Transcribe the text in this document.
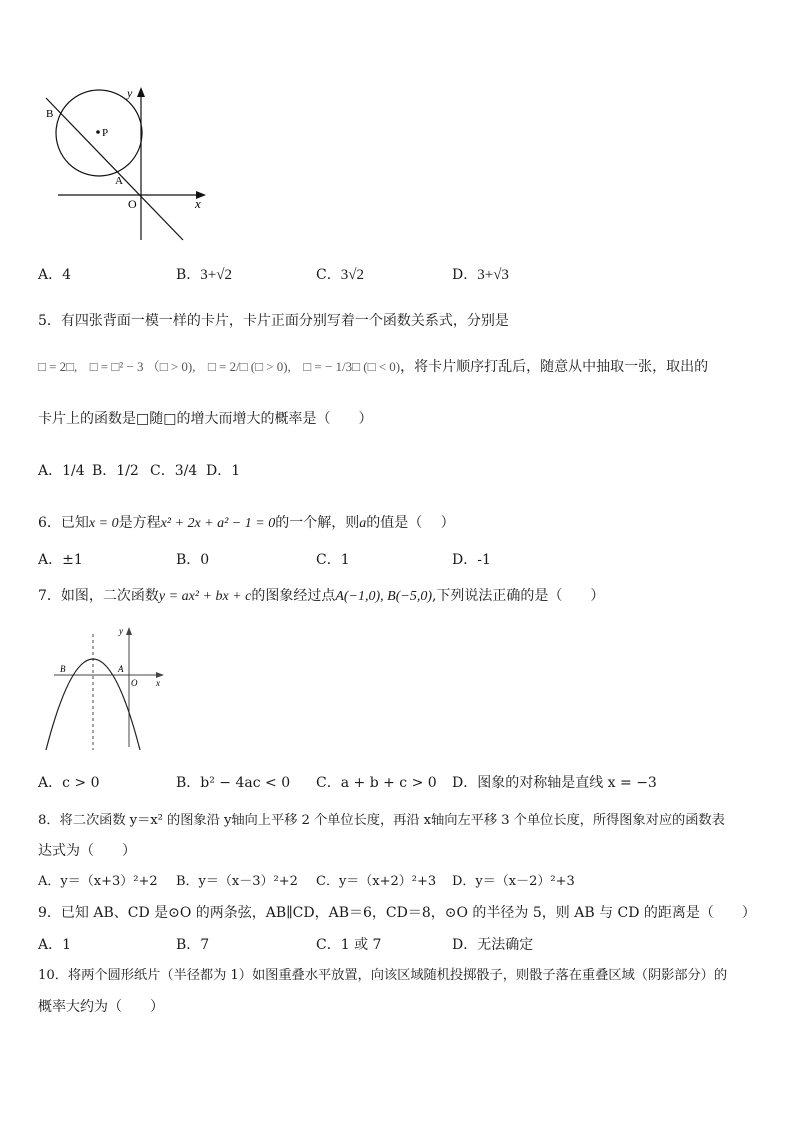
P
B
A
O
y
x
A．4	B．3+√2	C．3√2	D．3+√3
5．有四张背面一模一样的卡片，卡片正面分别写着一个函数关系式，分别是
□ = 2□, □ = □² − 3 （□ > 0), □ = 2/□ (□ > 0), □ = − 1/3□ (□ < 0)，将卡片顺序打乱后，随意从中抽取一张，取出的
卡片上的函数是□随□的增大而增大的概率是（　　）
A．1/4 B．1/2 C．3/4 D．1
6．已知x = 0是方程x² + 2x + a² − 1 = 0的一个解，则a的值是（　 ）
A．±1	B．0	C．1	D．-1
7．如图，二次函数y = ax² + bx + c的图象经过点A(−1,0), B(−5,0),下列说法正确的是（　　）
B	A
O
y
x
A．c > 0	B．b² − 4ac < 0 C．a + b + c > 0 D．图象的对称轴是直线 x = −3
8．将二次函数 y＝x² 的图象沿 y轴向上平移 2 个单位长度，再沿 x轴向左平移 3 个单位长度，所得图象对应的函数表
达式为（　　）
A．y＝（x+3）²+2 B．y＝（x－3）²+2 C．y＝（x+2）²+3 D．y＝（x－2）²+3
9．已知 AB、CD 是⊙O 的两条弦，AB∥CD，AB＝6，CD＝8，⊙O 的半径为 5，则 AB 与 CD 的距离是（　　）
A．1	B．7	C．1 或 7	D．无法确定
10．将两个圆形纸片（半径都为 1）如图重叠水平放置，向该区域随机投掷骰子，则骰子落在重叠区域（阴影部分）的
概率大约为（　　）
